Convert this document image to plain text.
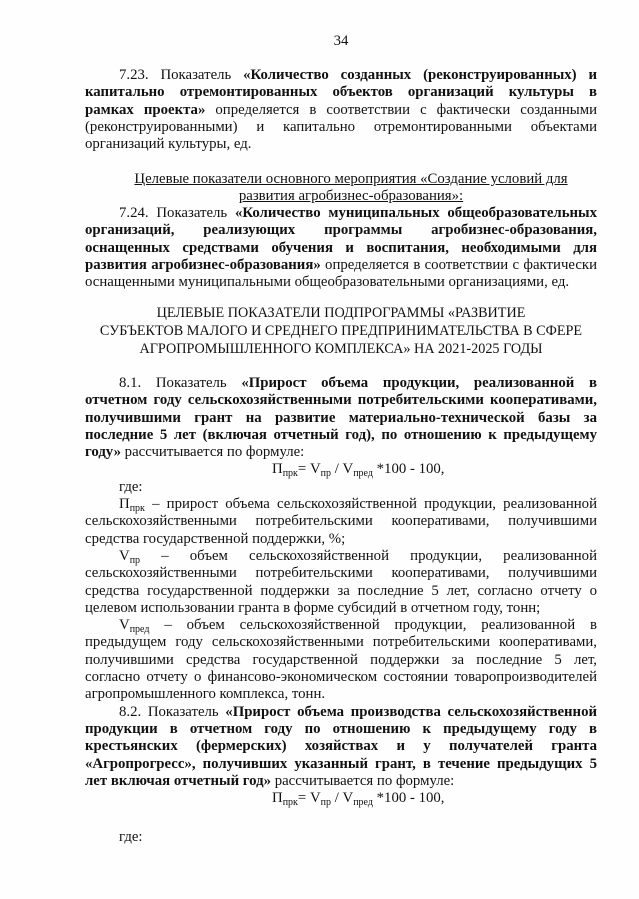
34
7.23. Показатель «Количество созданных (реконструированных) и
капитально отремонтированных объектов организаций культуры в
рамках проекта» определяется в соответствии с фактически созданными
(реконструированными) и капитально отремонтированными объектами
организаций культуры, ед.
Целевые показатели основного мероприятия «Создание условий для
развития агробизнес-образования»:
7.24. Показатель «Количество муниципальных общеобразовательных
организаций, реализующих программы агробизнес-образования,
оснащенных средствами обучения и воспитания, необходимыми для
развития агробизнес-образования» определяется в соответствии с фактически
оснащенными муниципальными общеобразовательными организациями, ед.
ЦЕЛЕВЫЕ ПОКАЗАТЕЛИ ПОДПРОГРАММЫ «РАЗВИТИЕ
СУБЪЕКТОВ МАЛОГО И СРЕДНЕГО ПРЕДПРИНИМАТЕЛЬСТВА В СФЕРЕ
АГРОПРОМЫШЛЕННОГО КОМПЛЕКСА» НА 2021-2025 ГОДЫ
8.1. Показатель «Прирост объема продукции, реализованной в
отчетном году сельскохозяйственными потребительскими кооперативами,
получившими грант на развитие материально-технической базы за
последние 5 лет (включая отчетный год), по отношению к предыдущему
году» рассчитывается по формуле:
$П_{прк}= V_{пр} / V_{пред}$ *100 - 100,
где:
$П_{прк}$ – прирост объема сельскохозяйственной продукции, реализованной
сельскохозяйственными потребительскими кооперативами, получившими
средства государственной поддержки, %;
$V_{пр}$ – объем сельскохозяйственной продукции, реализованной
сельскохозяйственными потребительскими кооперативами, получившими
средства государственной поддержки за последние 5 лет, согласно отчету о
целевом использовании гранта в форме субсидий в отчетном году, тонн;
$V_{пред}$ – объем сельскохозяйственной продукции, реализованной в
предыдущем году сельскохозяйственными потребительскими кооперативами,
получившими средства государственной поддержки за последние 5 лет,
согласно отчету о финансово-экономическом состоянии товаропроизводителей
агропромышленного комплекса, тонн.
8.2. Показатель «Прирост объема производства сельскохозяйственной
продукции в отчетном году по отношению к предыдущему году в
крестьянских (фермерских) хозяйствах и у получателей гранта
«Агропрогресс», получивших указанный грант, в течение предыдущих 5
лет включая отчетный год» рассчитывается по формуле:
$П_{прк}= V_{пр} / V_{пред}$ *100 - 100,
где:
